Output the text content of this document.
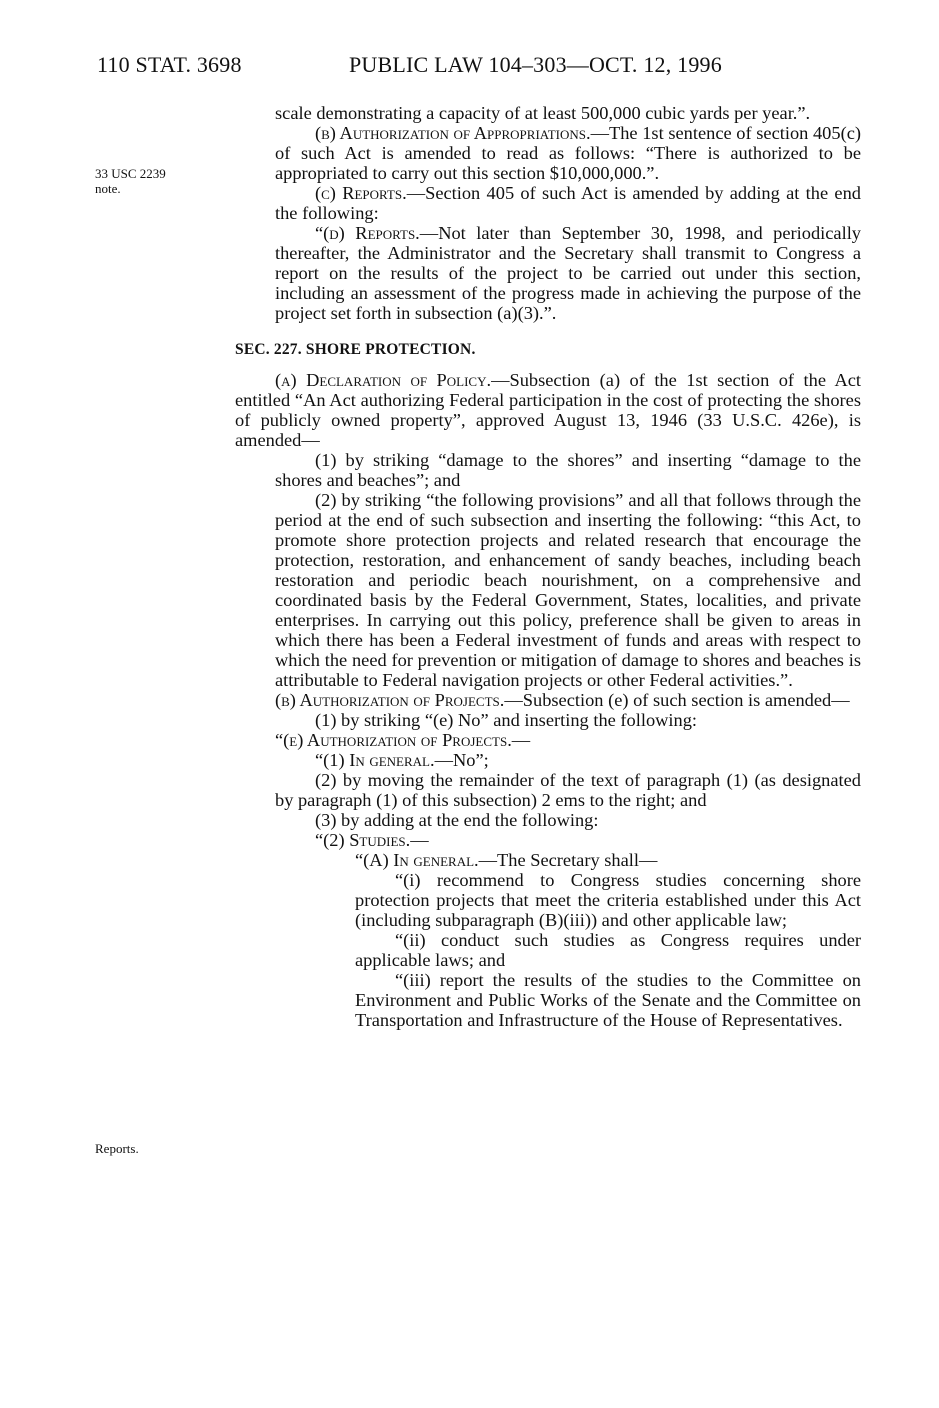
110 STAT. 3698	PUBLIC LAW 104–303—OCT. 12, 1996
33 USC 2239
note.
Reports.

scale demonstrating a capacity of at least 500,000 cubic yards per year.”.

(b) Authorization of Appropriations.—The 1st sentence of section 405(c) of such Act is amended to read as follows: “There is authorized to be appropriated to carry out this section $10,000,000.”.

(c) Reports.—Section 405 of such Act is amended by adding at the end the following:

“(d) Reports.—Not later than September 30, 1998, and periodically thereafter, the Administrator and the Secretary shall transmit to Congress a report on the results of the project to be carried out under this section, including an assessment of the progress made in achieving the purpose of the project set forth in subsection (a)(3).”.

SEC. 227. SHORE PROTECTION.

(a) Declaration of Policy.—Subsection (a) of the 1st section of the Act entitled “An Act authorizing Federal participation in the cost of protecting the shores of publicly owned property”, approved August 13, 1946 (33 U.S.C. 426e), is amended—

(1) by striking “damage to the shores” and inserting “damage to the shores and beaches”; and

(2) by striking “the following provisions” and all that follows through the period at the end of such subsection and inserting the following: “this Act, to promote shore protection projects and related research that encourage the protection, restoration, and enhancement of sandy beaches, including beach restoration and periodic beach nourishment, on a comprehensive and coordinated basis by the Federal Government, States, localities, and private enterprises. In carrying out this policy, preference shall be given to areas in which there has been a Federal investment of funds and areas with respect to which the need for prevention or mitigation of damage to shores and beaches is attributable to Federal navigation projects or other Federal activities.”.

(b) Authorization of Projects.—Subsection (e) of such section is amended—

(1) by striking “(e) No” and inserting the following:

“(e) Authorization of Projects.—

“(1) In general.—No”;

(2) by moving the remainder of the text of paragraph (1) (as designated by paragraph (1) of this subsection) 2 ems to the right; and

(3) by adding at the end the following:

“(2) Studies.—

“(A) In general.—The Secretary shall—

“(i) recommend to Congress studies concerning shore protection projects that meet the criteria established under this Act (including subparagraph (B)(iii)) and other applicable law;

“(ii) conduct such studies as Congress requires under applicable laws; and

“(iii) report the results of the studies to the Committee on Environment and Public Works of the Senate and the Committee on Transportation and Infrastructure of the House of Representatives.
